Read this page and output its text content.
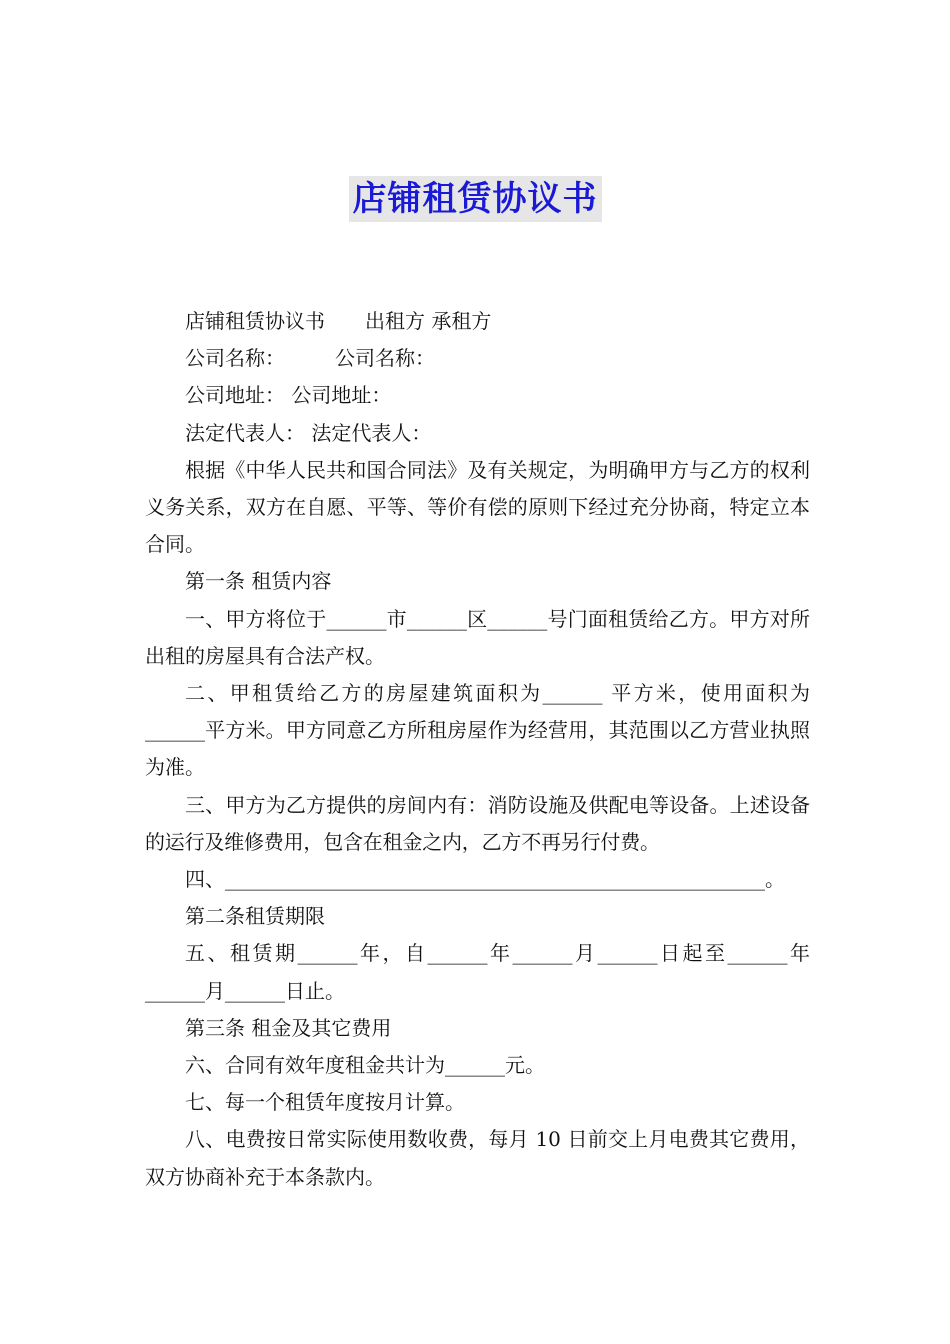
店铺租赁协议书

店铺租赁协议书　　出租方 承租方

公司名称：　　　公司名称：

公司地址： 公司地址：

法定代表人： 法定代表人：

根据《中华人民共和国合同法》及有关规定，为明确甲方与乙方的权利义务关系，双方在自愿、平等、等价有偿的原则下经过充分协商，特定立本合同。

第一条 租赁内容

一、甲方将位于______市______区______号门面租赁给乙方。甲方对所出租的房屋具有合法产权。

二、甲租赁给乙方的房屋建筑面积为______ 平方米，使用面积为______平方米。甲方同意乙方所租房屋作为经营用，其范围以乙方营业执照为准。

三、甲方为乙方提供的房间内有：消防设施及供配电等设备。上述设备的运行及维修费用，包含在租金之内，乙方不再另行付费。

四、______________________________________________________。

第二条租赁期限

五、租赁期______年，自______年______月______日起至______年______月______日止。

第三条 租金及其它费用

六、合同有效年度租金共计为______元。

七、每一个租赁年度按月计算。

八、电费按日常实际使用数收费，每月 10 日前交上月电费其它费用，双方协商补充于本条款内。
